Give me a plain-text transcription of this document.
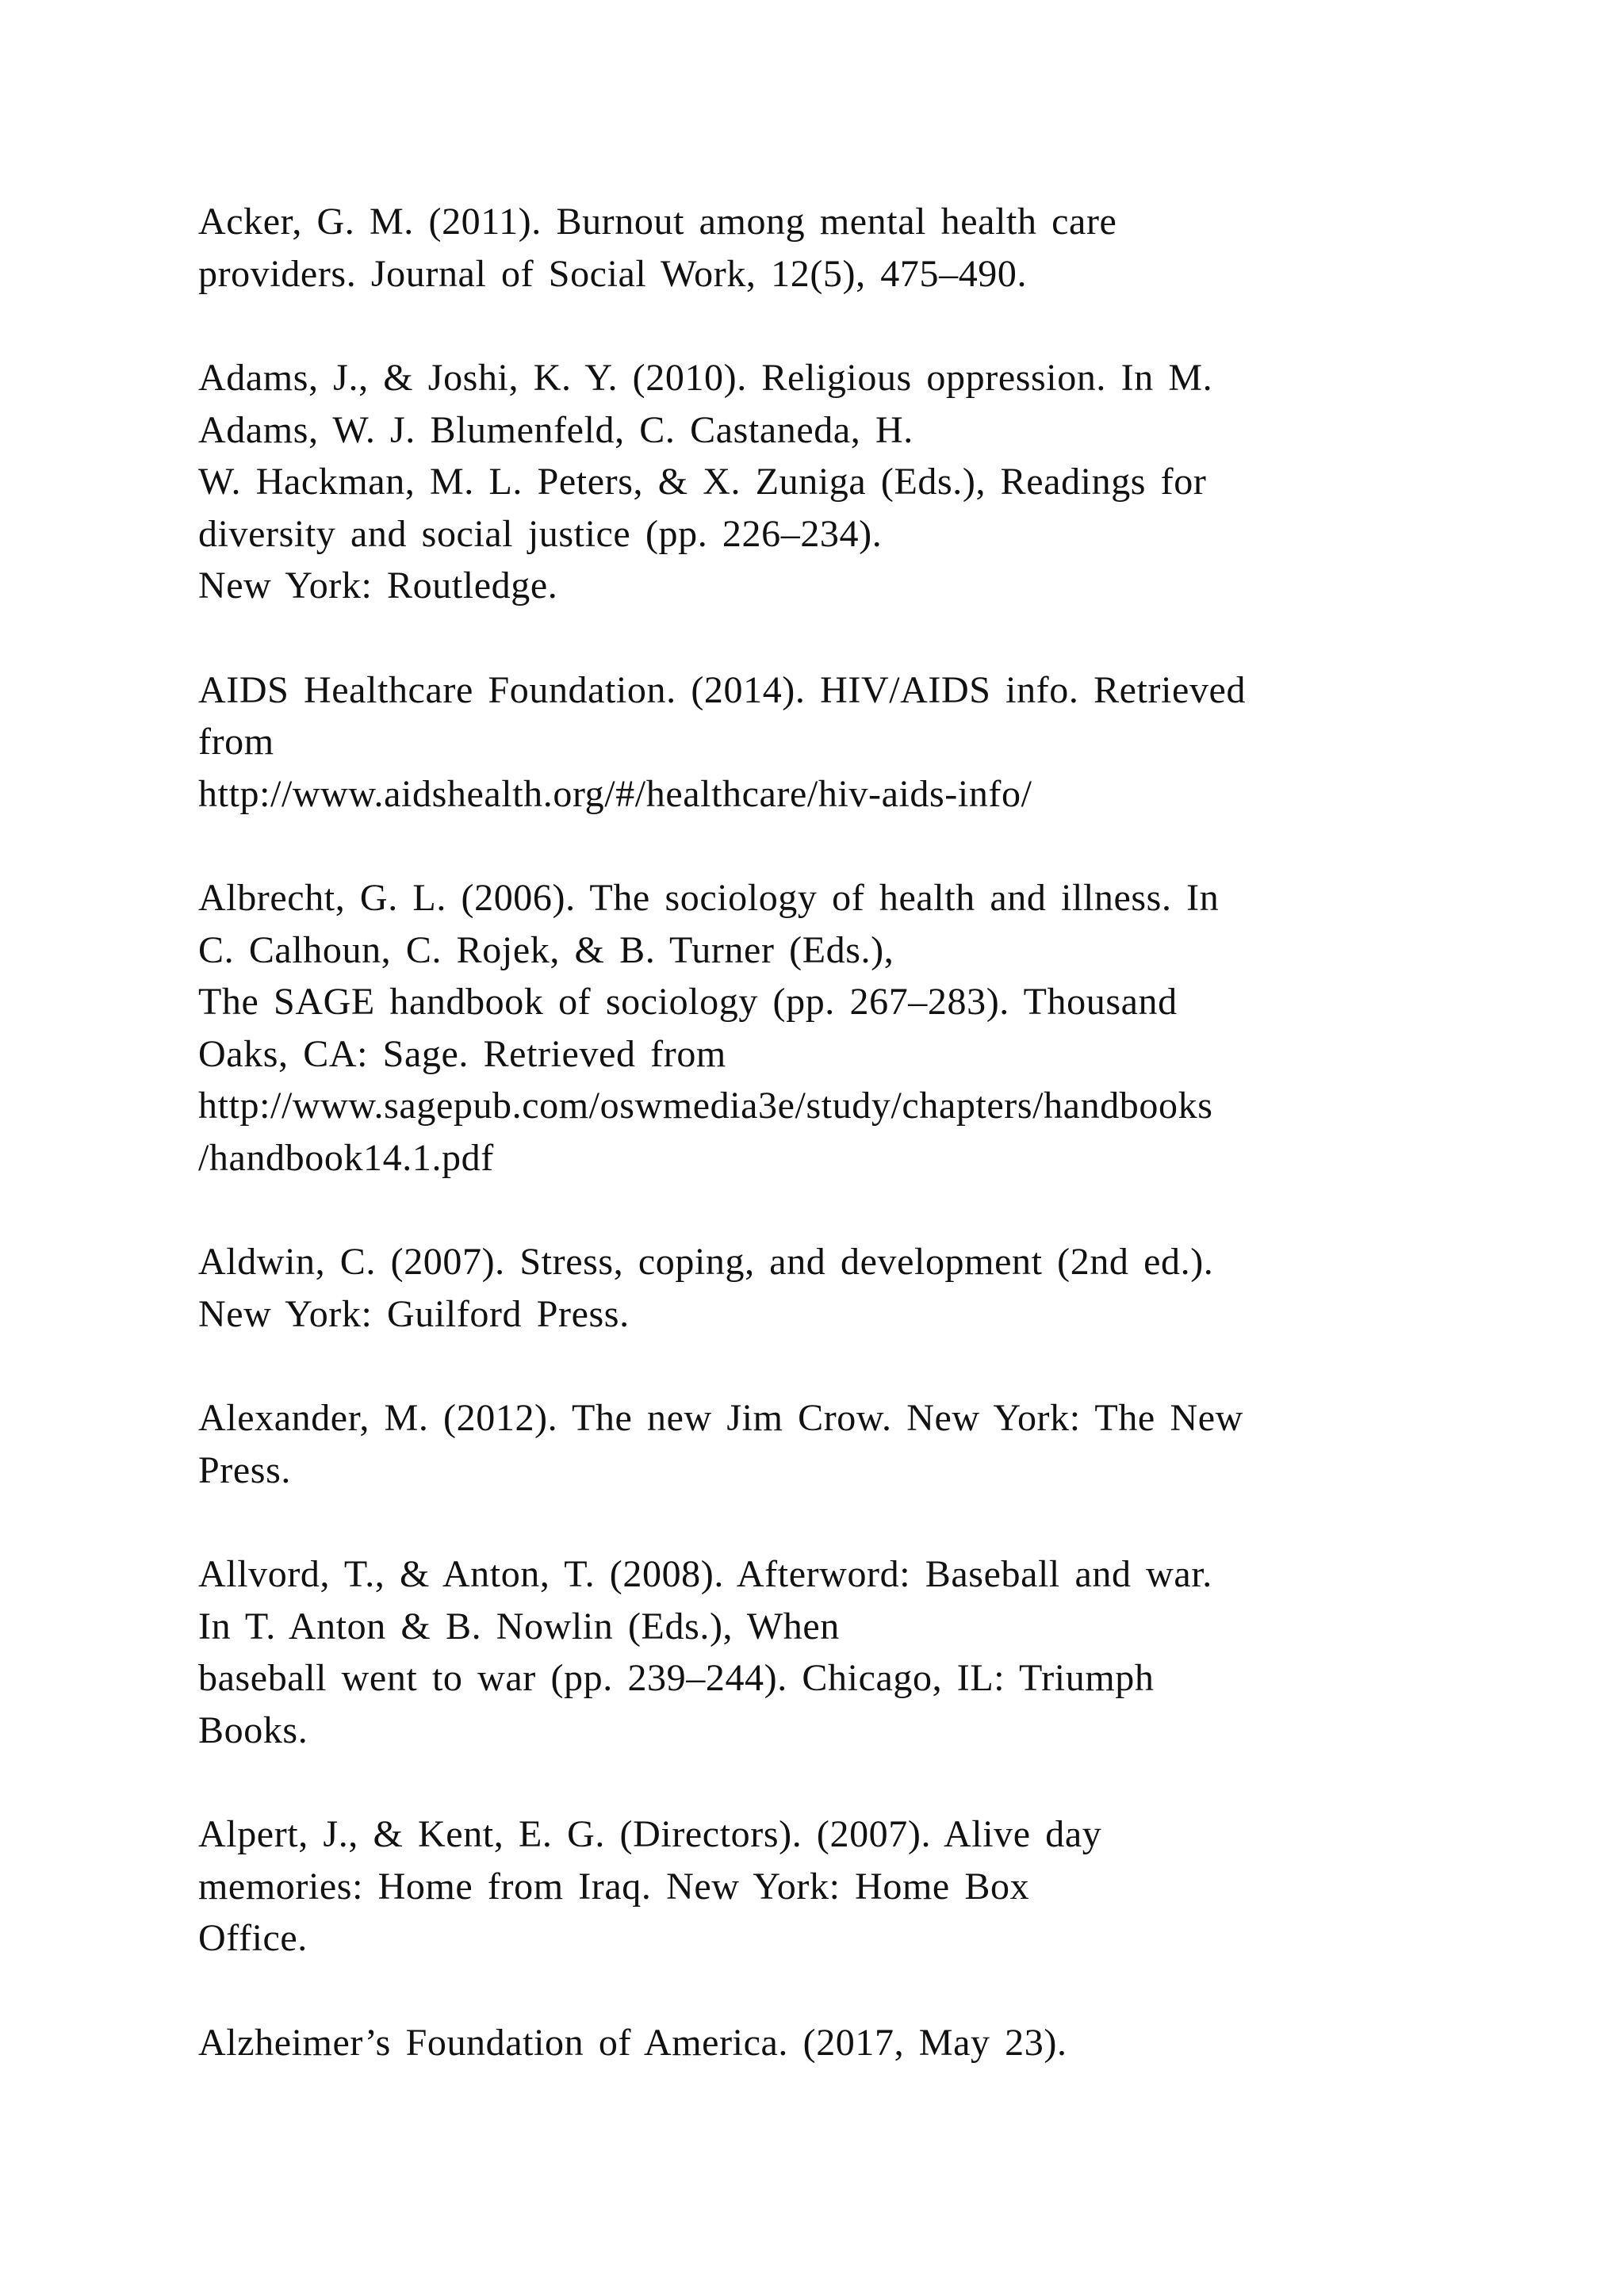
Acker, G. M. (2011). Burnout among mental health care
providers. Journal of Social Work, 12(5), 475–490.
Adams, J., & Joshi, K. Y. (2010). Religious oppression. In M.
Adams, W. J. Blumenfeld, C. Castaneda, H.
W. Hackman, M. L. Peters, & X. Zuniga (Eds.), Readings for
diversity and social justice (pp. 226–234).
New York: Routledge.
AIDS Healthcare Foundation. (2014). HIV/AIDS info. Retrieved
from
http://www.aidshealth.org/#/healthcare/hiv-aids-info/
Albrecht, G. L. (2006). The sociology of health and illness. In
C. Calhoun, C. Rojek, & B. Turner (Eds.),
The SAGE handbook of sociology (pp. 267–283). Thousand
Oaks, CA: Sage. Retrieved from
http://www.sagepub.com/oswmedia3e/study/chapters/handbooks
/handbook14.1.pdf
Aldwin, C. (2007). Stress, coping, and development (2nd ed.).
New York: Guilford Press.
Alexander, M. (2012). The new Jim Crow. New York: The New
Press.
Allvord, T., & Anton, T. (2008). Afterword: Baseball and war.
In T. Anton & B. Nowlin (Eds.), When
baseball went to war (pp. 239–244). Chicago, IL: Triumph
Books.
Alpert, J., & Kent, E. G. (Directors). (2007). Alive day
memories: Home from Iraq. New York: Home Box
Office.
Alzheimer’s Foundation of America. (2017, May 23).
